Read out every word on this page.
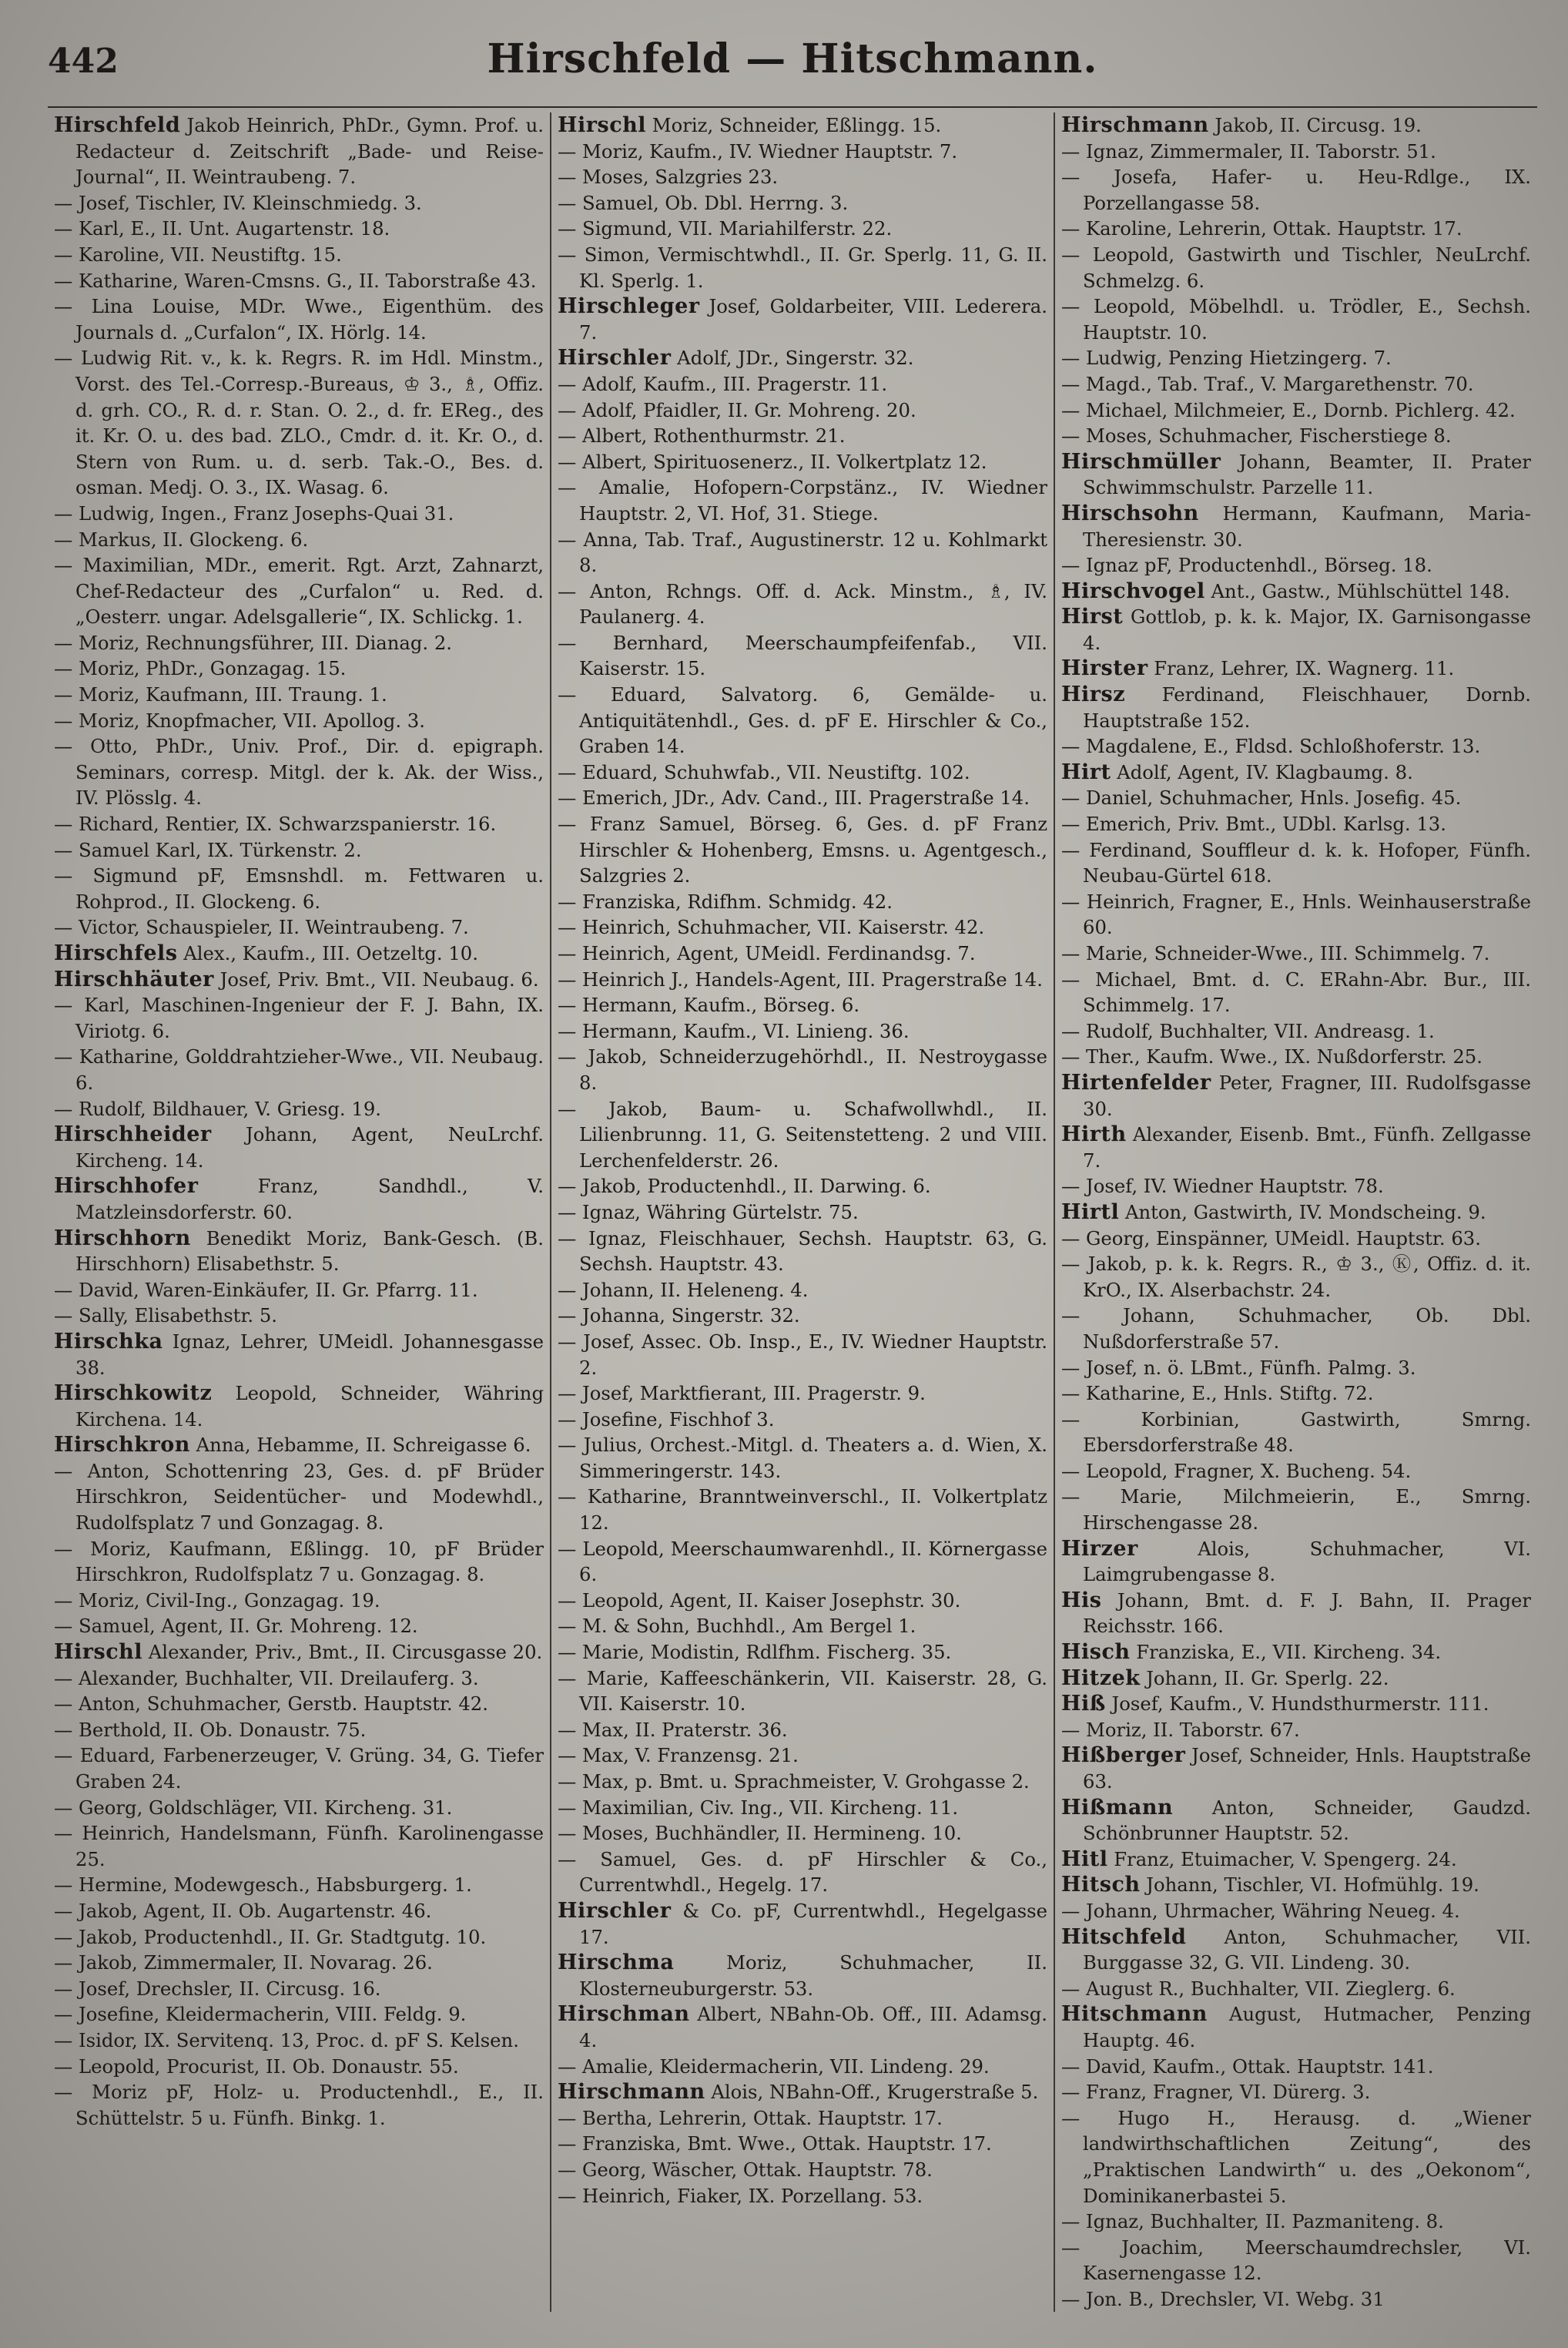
442	Hirschfeld — Hitschmann.
Hirschfeld Jakob Heinrich, PhDr., Gymn. Prof. u. Redacteur d. Zeitschrift „Bade- und Reise-Journal“, II. Weintraubeng. 7.
— Josef, Tischler, IV. Kleinschmiedg. 3.
— Karl, E., II. Unt. Augartenstr. 18.
— Karoline, VII. Neustiftg. 15.
— Katharine, Waren-Cmsns. G., II. Taborstraße 43.
— Lina Louise, MDr. Wwe., Eigenthüm. des Journals d. „Curfalon“, IX. Hörlg. 14.
— Ludwig Rit. v., k. k. Regrs. R. im Hdl. Minstm., Vorst. des Tel.-Corresp.-Bureaus, ♔ 3., ♗, Offiz. d. grh. CO., R. d. r. Stan. O. 2., d. fr. EReg., des it. Kr. O. u. des bad. ZLO., Cmdr. d. it. Kr. O., d. Stern von Rum. u. d. serb. Tak.-O., Bes. d. osman. Medj. O. 3., IX. Wasag. 6.
— Ludwig, Ingen., Franz Josephs-Quai 31.
— Markus, II. Glockeng. 6.
— Maximilian, MDr., emerit. Rgt. Arzt, Zahnarzt, Chef-Redacteur des „Curfalon“ u. Red. d. „Oesterr. ungar. Adelsgallerie“, IX. Schlickg. 1.
— Moriz, Rechnungsführer, III. Dianag. 2.
— Moriz, PhDr., Gonzagag. 15.
— Moriz, Kaufmann, III. Traung. 1.
— Moriz, Knopfmacher, VII. Apollog. 3.
— Otto, PhDr., Univ. Prof., Dir. d. epigraph. Seminars, corresp. Mitgl. der k. Ak. der Wiss., IV. Plösslg. 4.
— Richard, Rentier, IX. Schwarzspanierstr. 16.
— Samuel Karl, IX. Türkenstr. 2.
— Sigmund pF, Emsnshdl. m. Fettwaren u. Rohprod., II. Glockeng. 6.
— Victor, Schauspieler, II. Weintraubeng. 7.
Hirschfels Alex., Kaufm., III. Oetzeltg. 10.
Hirschhäuter Josef, Priv. Bmt., VII. Neubaug. 6.
— Karl, Maschinen-Ingenieur der F. J. Bahn, IX. Viriotg. 6.
— Katharine, Golddrahtzieher-Wwe., VII. Neubaug. 6.
— Rudolf, Bildhauer, V. Griesg. 19.
Hirschheider Johann, Agent, NeuLrchf. Kircheng. 14.
Hirschhofer Franz, Sandhdl., V. Matzleinsdorferstr. 60.
Hirschhorn Benedikt Moriz, Bank-Gesch. (B. Hirschhorn) Elisabethstr. 5.
— David, Waren-Einkäufer, II. Gr. Pfarrg. 11.
— Sally, Elisabethstr. 5.
Hirschka Ignaz, Lehrer, UMeidl. Johannesgasse 38.
Hirschkowitz Leopold, Schneider, Währing Kirchena. 14.
Hirschkron Anna, Hebamme, II. Schreigasse 6.
— Anton, Schottenring 23, Ges. d. pF Brüder Hirschkron, Seidentücher- und Modewhdl., Rudolfsplatz 7 und Gonzagag. 8.
— Moriz, Kaufmann, Eßlingg. 10, pF Brüder Hirschkron, Rudolfsplatz 7 u. Gonzagag. 8.
— Moriz, Civil-Ing., Gonzagag. 19.
— Samuel, Agent, II. Gr. Mohreng. 12.
Hirschl Alexander, Priv., Bmt., II. Circusgasse 20.
— Alexander, Buchhalter, VII. Dreilauferg. 3.
— Anton, Schuhmacher, Gerstb. Hauptstr. 42.
— Berthold, II. Ob. Donaustr. 75.
— Eduard, Farbenerzeuger, V. Grüng. 34, G. Tiefer Graben 24.
— Georg, Goldschläger, VII. Kircheng. 31.
— Heinrich, Handelsmann, Fünfh. Karolinengasse 25.
— Hermine, Modewgesch., Habsburgerg. 1.
— Jakob, Agent, II. Ob. Augartenstr. 46.
— Jakob, Productenhdl., II. Gr. Stadtgutg. 10.
— Jakob, Zimmermaler, II. Novarag. 26.
— Josef, Drechsler, II. Circusg. 16.
— Josefine, Kleidermacherin, VIII. Feldg. 9.
— Isidor, IX. Servitenq. 13, Proc. d. pF S. Kelsen.
— Leopold, Procurist, II. Ob. Donaustr. 55.
— Moriz pF, Holz- u. Productenhdl., E., II. Schüttelstr. 5 u. Fünfh. Binkg. 1.
Hirschl Moriz, Schneider, Eßlingg. 15.
— Moriz, Kaufm., IV. Wiedner Hauptstr. 7.
— Moses, Salzgries 23.
— Samuel, Ob. Dbl. Herrng. 3.
— Sigmund, VII. Mariahilferstr. 22.
— Simon, Vermischtwhdl., II. Gr. Sperlg. 11, G. II. Kl. Sperlg. 1.
Hirschleger Josef, Goldarbeiter, VIII. Lederera. 7.
Hirschler Adolf, JDr., Singerstr. 32.
— Adolf, Kaufm., III. Pragerstr. 11.
— Adolf, Pfaidler, II. Gr. Mohreng. 20.
— Albert, Rothenthurmstr. 21.
— Albert, Spirituosenerz., II. Volkertplatz 12.
— Amalie, Hofopern-Corpstänz., IV. Wiedner Hauptstr. 2, VI. Hof, 31. Stiege.
— Anna, Tab. Traf., Augustinerstr. 12 u. Kohlmarkt 8.
— Anton, Rchngs. Off. d. Ack. Minstm., ♗, IV. Paulanerg. 4.
— Bernhard, Meerschaumpfeifenfab., VII. Kaiserstr. 15.
— Eduard, Salvatorg. 6, Gemälde- u. Antiquitätenhdl., Ges. d. pF E. Hirschler & Co., Graben 14.
— Eduard, Schuhwfab., VII. Neustiftg. 102.
— Emerich, JDr., Adv. Cand., III. Pragerstraße 14.
— Franz Samuel, Börseg. 6, Ges. d. pF Franz Hirschler & Hohenberg, Emsns. u. Agentgesch., Salzgries 2.
— Franziska, Rdifhm. Schmidg. 42.
— Heinrich, Schuhmacher, VII. Kaiserstr. 42.
— Heinrich, Agent, UMeidl. Ferdinandsg. 7.
— Heinrich J., Handels-Agent, III. Pragerstraße 14.
— Hermann, Kaufm., Börseg. 6.
— Hermann, Kaufm., VI. Linieng. 36.
— Jakob, Schneiderzugehörhdl., II. Nestroygasse 8.
— Jakob, Baum- u. Schafwollwhdl., II. Lilienbrunng. 11, G. Seitenstetteng. 2 und VIII. Lerchenfelderstr. 26.
— Jakob, Productenhdl., II. Darwing. 6.
— Ignaz, Währing Gürtelstr. 75.
— Ignaz, Fleischhauer, Sechsh. Hauptstr. 63, G. Sechsh. Hauptstr. 43.
— Johann, II. Heleneng. 4.
— Johanna, Singerstr. 32.
— Josef, Assec. Ob. Insp., E., IV. Wiedner Hauptstr. 2.
— Josef, Marktfierant, III. Pragerstr. 9.
— Josefine, Fischhof 3.
— Julius, Orchest.-Mitgl. d. Theaters a. d. Wien, X. Simmeringerstr. 143.
— Katharine, Branntweinverschl., II. Volkertplatz 12.
— Leopold, Meerschaumwarenhdl., II. Körnergasse 6.
— Leopold, Agent, II. Kaiser Josephstr. 30.
— M. & Sohn, Buchhdl., Am Bergel 1.
— Marie, Modistin, Rdlfhm. Fischerg. 35.
— Marie, Kaffeeschänkerin, VII. Kaiserstr. 28, G. VII. Kaiserstr. 10.
— Max, II. Praterstr. 36.
— Max, V. Franzensg. 21.
— Max, p. Bmt. u. Sprachmeister, V. Grohgasse 2.
— Maximilian, Civ. Ing., VII. Kircheng. 11.
— Moses, Buchhändler, II. Hermineng. 10.
— Samuel, Ges. d. pF Hirschler & Co., Currentwhdl., Hegelg. 17.
Hirschler & Co. pF, Currentwhdl., Hegelgasse 17.
Hirschma Moriz, Schuhmacher, II. Klosterneuburgerstr. 53.
Hirschman Albert, NBahn-Ob. Off., III. Adamsg. 4.
— Amalie, Kleidermacherin, VII. Lindeng. 29.
Hirschmann Alois, NBahn-Off., Krugerstraße 5.
— Bertha, Lehrerin, Ottak. Hauptstr. 17.
— Franziska, Bmt. Wwe., Ottak. Hauptstr. 17.
— Georg, Wäscher, Ottak. Hauptstr. 78.
— Heinrich, Fiaker, IX. Porzellang. 53.
Hirschmann Jakob, II. Circusg. 19.
— Ignaz, Zimmermaler, II. Taborstr. 51.
— Josefa, Hafer- u. Heu-Rdlge., IX. Porzellangasse 58.
— Karoline, Lehrerin, Ottak. Hauptstr. 17.
— Leopold, Gastwirth und Tischler, NeuLrchf. Schmelzg. 6.
— Leopold, Möbelhdl. u. Trödler, E., Sechsh. Hauptstr. 10.
— Ludwig, Penzing Hietzingerg. 7.
— Magd., Tab. Traf., V. Margarethenstr. 70.
— Michael, Milchmeier, E., Dornb. Pichlerg. 42.
— Moses, Schuhmacher, Fischerstiege 8.
Hirschmüller Johann, Beamter, II. Prater Schwimmschulstr. Parzelle 11.
Hirschsohn Hermann, Kaufmann, Maria-Theresienstr. 30.
— Ignaz pF, Productenhdl., Börseg. 18.
Hirschvogel Ant., Gastw., Mühlschüttel 148.
Hirst Gottlob, p. k. k. Major, IX. Garnisongasse 4.
Hirster Franz, Lehrer, IX. Wagnerg. 11.
Hirsz Ferdinand, Fleischhauer, Dornb. Hauptstraße 152.
— Magdalene, E., Fldsd. Schloßhoferstr. 13.
Hirt Adolf, Agent, IV. Klagbaumg. 8.
— Daniel, Schuhmacher, Hnls. Josefig. 45.
— Emerich, Priv. Bmt., UDbl. Karlsg. 13.
— Ferdinand, Souffleur d. k. k. Hofoper, Fünfh. Neubau-Gürtel 618.
— Heinrich, Fragner, E., Hnls. Weinhauserstraße 60.
— Marie, Schneider-Wwe., III. Schimmelg. 7.
— Michael, Bmt. d. C. ERahn-Abr. Bur., III. Schimmelg. 17.
— Rudolf, Buchhalter, VII. Andreasg. 1.
— Ther., Kaufm. Wwe., IX. Nußdorferstr. 25.
Hirtenfelder Peter, Fragner, III. Rudolfsgasse 30.
Hirth Alexander, Eisenb. Bmt., Fünfh. Zellgasse 7.
— Josef, IV. Wiedner Hauptstr. 78.
Hirtl Anton, Gastwirth, IV. Mondscheing. 9.
— Georg, Einspänner, UMeidl. Hauptstr. 63.
— Jakob, p. k. k. Regrs. R., ♔ 3., Ⓚ, Offiz. d. it. KrO., IX. Alserbachstr. 24.
— Johann, Schuhmacher, Ob. Dbl. Nußdorferstraße 57.
— Josef, n. ö. LBmt., Fünfh. Palmg. 3.
— Katharine, E., Hnls. Stiftg. 72.
— Korbinian, Gastwirth, Smrng. Ebersdorferstraße 48.
— Leopold, Fragner, X. Bucheng. 54.
— Marie, Milchmeierin, E., Smrng. Hirschengasse 28.
Hirzer Alois, Schuhmacher, VI. Laimgrubengasse 8.
His Johann, Bmt. d. F. J. Bahn, II. Prager Reichsstr. 166.
Hisch Franziska, E., VII. Kircheng. 34.
Hitzek Johann, II. Gr. Sperlg. 22.
Hiß Josef, Kaufm., V. Hundsthurmerstr. 111.
— Moriz, II. Taborstr. 67.
Hißberger Josef, Schneider, Hnls. Hauptstraße 63.
Hißmann Anton, Schneider, Gaudzd. Schönbrunner Hauptstr. 52.
Hitl Franz, Etuimacher, V. Spengerg. 24.
Hitsch Johann, Tischler, VI. Hofmühlg. 19.
— Johann, Uhrmacher, Währing Neueg. 4.
Hitschfeld Anton, Schuhmacher, VII. Burggasse 32, G. VII. Lindeng. 30.
— August R., Buchhalter, VII. Zieglerg. 6.
Hitschmann August, Hutmacher, Penzing Hauptg. 46.
— David, Kaufm., Ottak. Hauptstr. 141.
— Franz, Fragner, VI. Dürerg. 3.
— Hugo H., Herausg. d. „Wiener landwirthschaftlichen Zeitung“, des „Praktischen Landwirth“ u. des „Oekonom“, Dominikanerbastei 5.
— Ignaz, Buchhalter, II. Pazmaniteng. 8.
— Joachim, Meerschaumdrechsler, VI. Kasernengasse 12.
— Jon. B., Drechsler, VI. Webg. 31
